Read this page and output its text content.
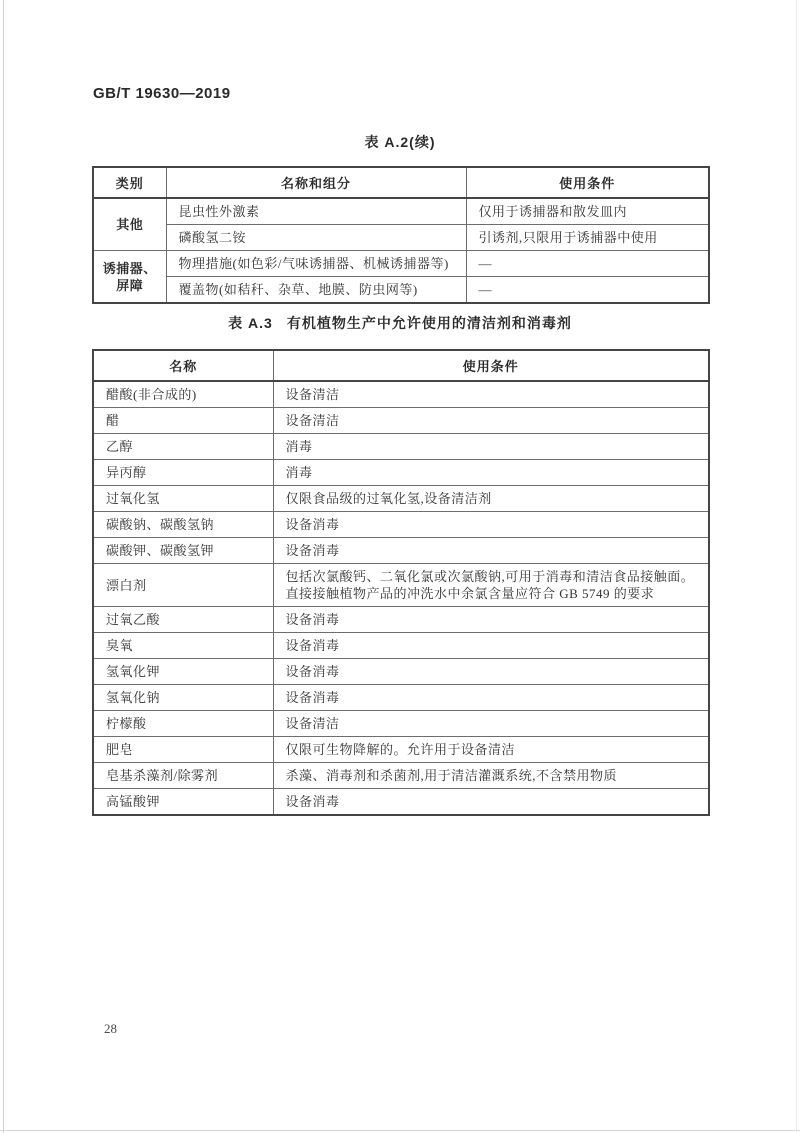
GB/T 19630—2019
表 A.2(续)
类别	名称和组分	使用条件
其他	昆虫性外激素	仅用于诱捕器和散发皿内
	磷酸氢二铵	引诱剂,只限用于诱捕器中使用
诱捕器、屏障	物理措施(如色彩/气味诱捕器、机械诱捕器等)	—
	覆盖物(如秸秆、杂草、地膜、防虫网等)	—
表 A.3 有机植物生产中允许使用的清洁剂和消毒剂
名称	使用条件
醋酸(非合成的)	设备清洁
醋	设备清洁
乙醇	消毒
异丙醇	消毒
过氧化氢	仅限食品级的过氧化氢,设备清洁剂
碳酸钠、碳酸氢钠	设备消毒
碳酸钾、碳酸氢钾	设备消毒
漂白剂	包括次氯酸钙、二氧化氯或次氯酸钠,可用于消毒和清洁食品接触面。直接接触植物产品的冲洗水中余氯含量应符合 GB 5749 的要求
过氧乙酸	设备消毒
臭氧	设备消毒
氢氧化钾	设备消毒
氢氧化钠	设备消毒
柠檬酸	设备清洁
肥皂	仅限可生物降解的。允许用于设备清洁
皂基杀藻剂/除雾剂	杀藻、消毒剂和杀菌剂,用于清洁灌溉系统,不含禁用物质
高锰酸钾	设备消毒
28
